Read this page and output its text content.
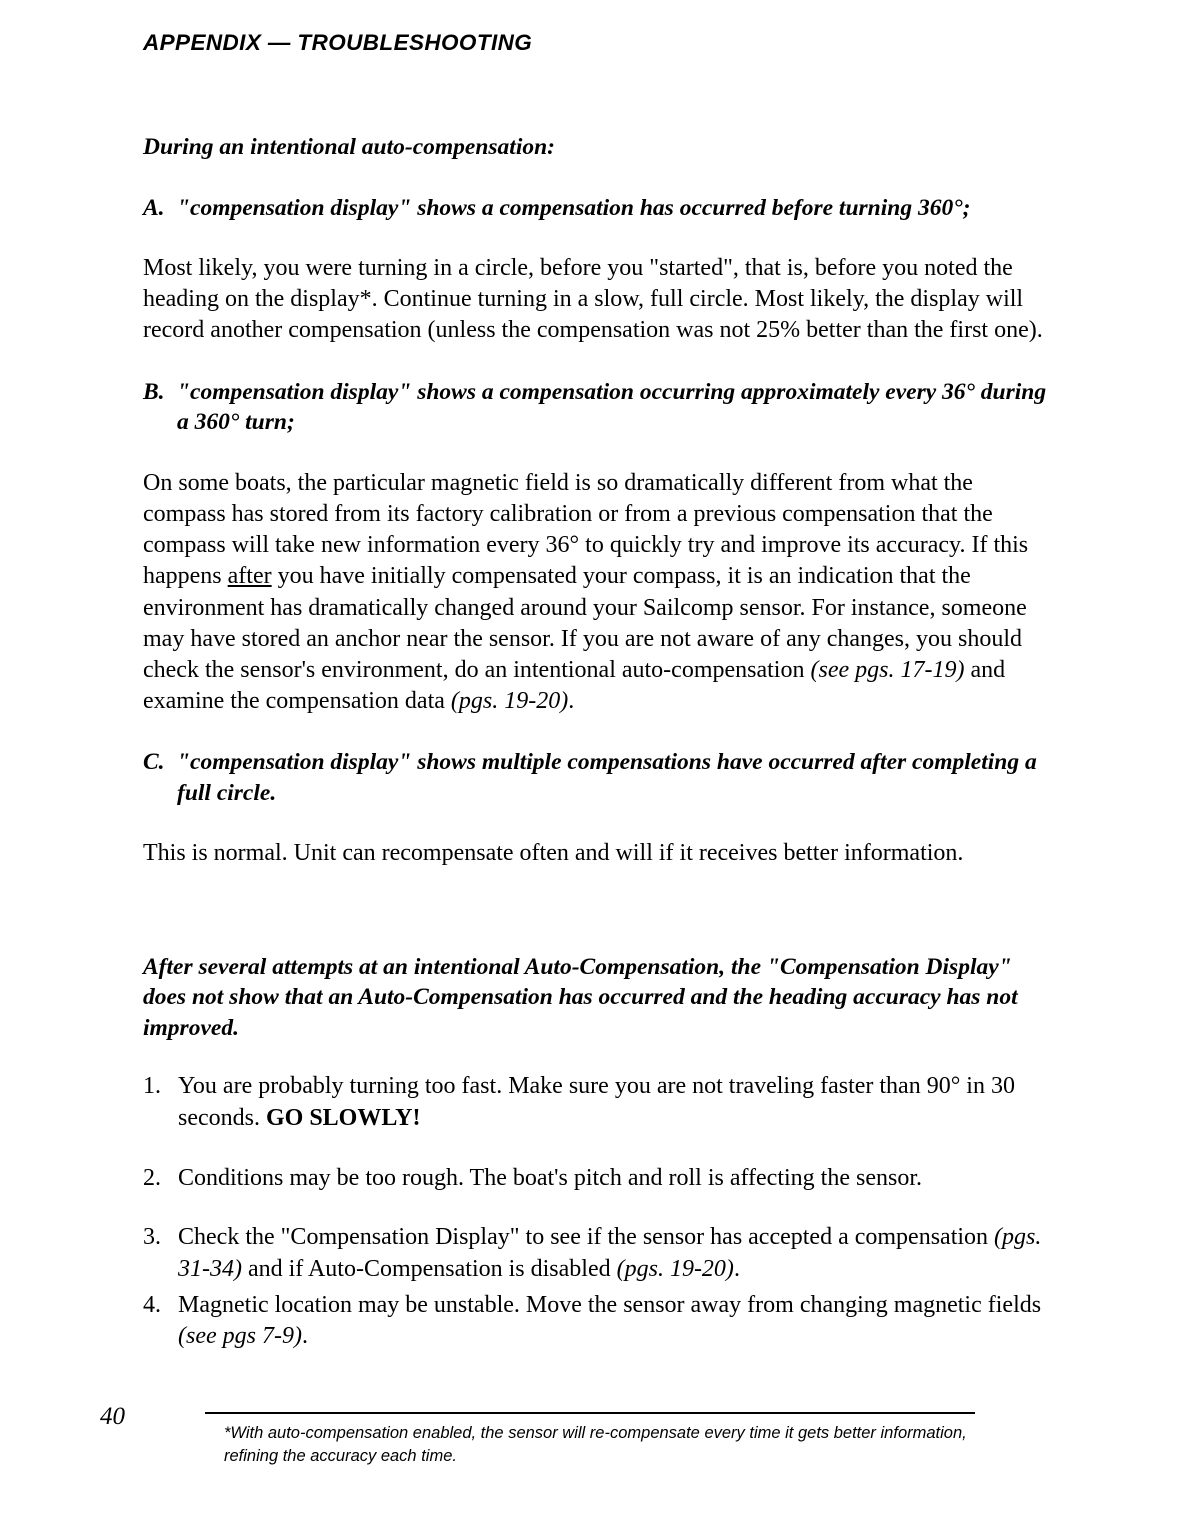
APPENDIX — TROUBLESHOOTING
During an intentional auto-compensation:
A. "compensation display" shows a compensation has occurred before turning 360°;

Most likely, you were turning in a circle, before you "started", that is, before you noted the heading on the display*. Continue turning in a slow, full circle. Most likely, the display will record another compensation (unless the compensation was not 25% better than the first one).

B. "compensation display" shows a compensation occurring approximately every 36° during a 360° turn;

On some boats, the particular magnetic field is so dramatically different from what the compass has stored from its factory calibration or from a previous compensation that the compass will take new information every 36° to quickly try and improve its accuracy. If this happens after you have initially compensated your compass, it is an indication that the environment has dramatically changed around your Sailcomp sensor. For instance, someone may have stored an anchor near the sensor. If you are not aware of any changes, you should check the sensor's environment, do an intentional auto-compensation (see pgs. 17-19) and examine the compensation data (pgs. 19-20).

C. "compensation display" shows multiple compensations have occurred after completing a full circle.

This is normal. Unit can recompensate often and will if it receives better information.

After several attempts at an intentional Auto-Compensation, the "Compensation Display" does not show that an Auto-Compensation has occurred and the heading accuracy has not improved.
1. You are probably turning too fast. Make sure you are not traveling faster than 90° in 30 seconds. GO SLOWLY!
2. Conditions may be too rough. The boat's pitch and roll is affecting the sensor.
3. Check the "Compensation Display" to see if the sensor has accepted a compensation (pgs. 31-34) and if Auto-Compensation is disabled (pgs. 19-20).
4. Magnetic location may be unstable. Move the sensor away from changing magnetic fields (see pgs 7-9).
40
*With auto-compensation enabled, the sensor will re-compensate every time it gets better information, refining the accuracy each time.
